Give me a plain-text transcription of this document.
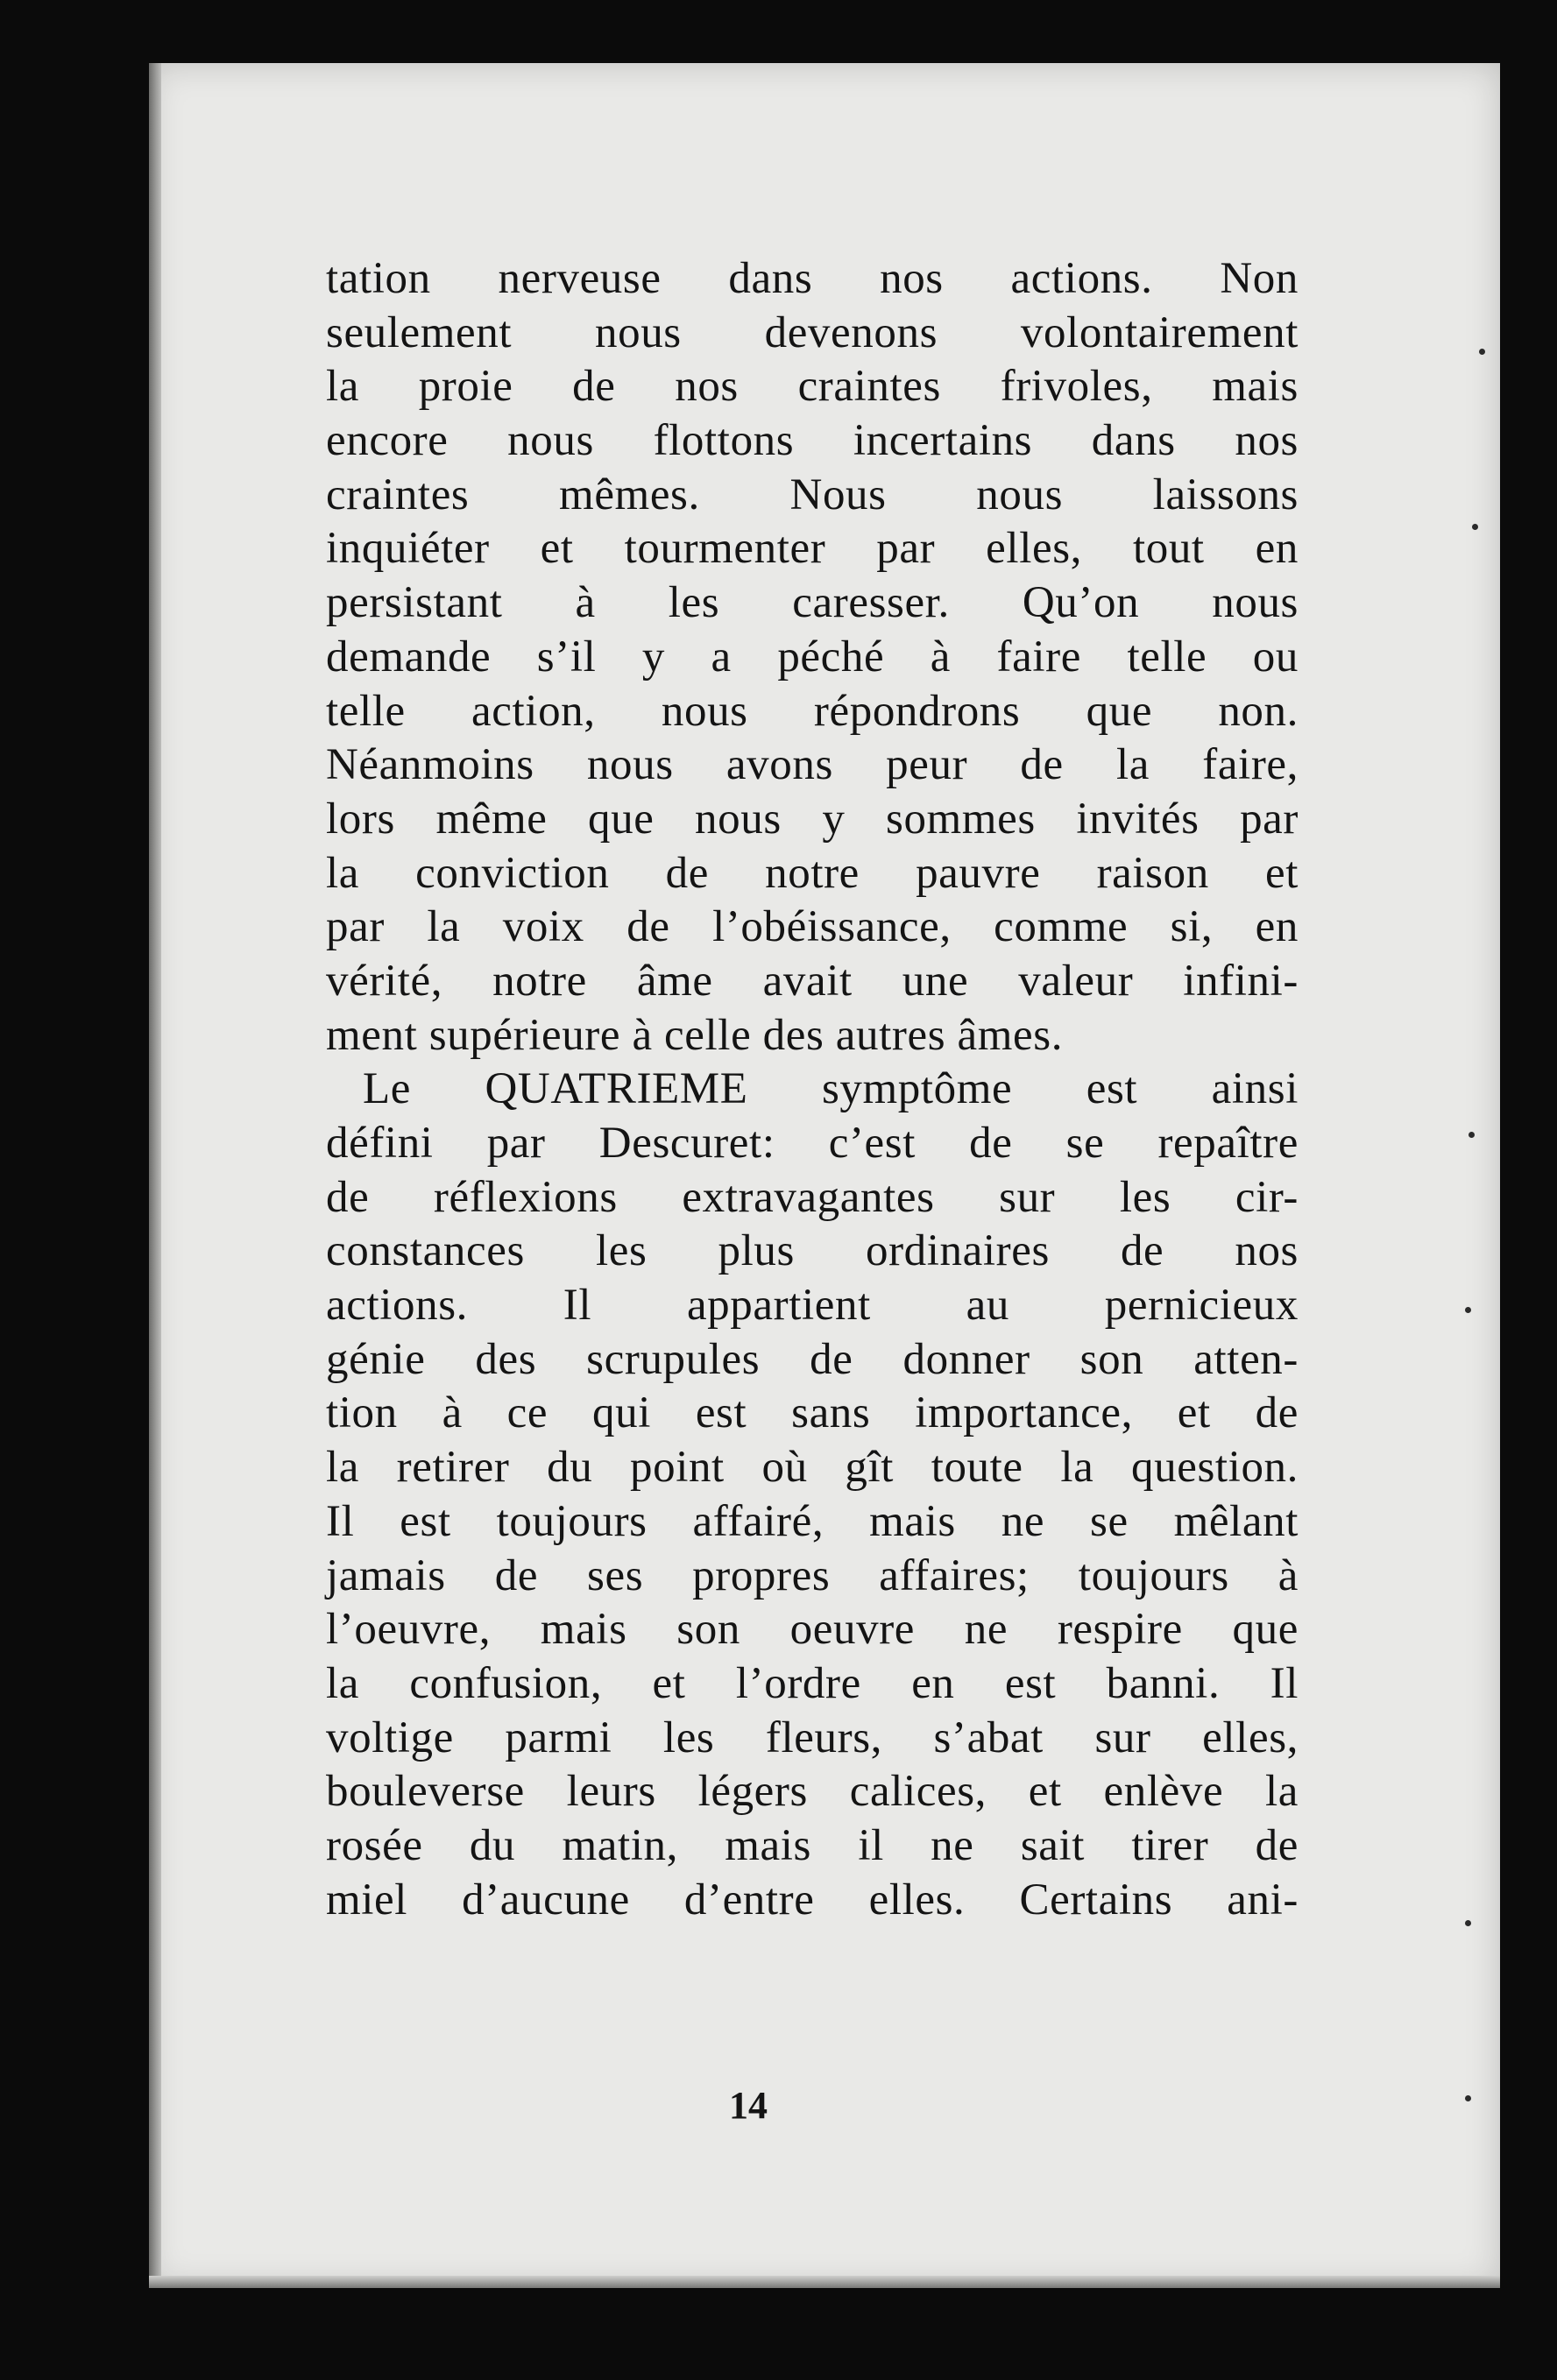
tation nerveuse dans nos actions. Non
seulement nous devenons volontairement
la proie de nos craintes frivoles, mais
encore nous flottons incertains dans nos
craintes mêmes. Nous nous laissons
inquiéter et tourmenter par elles, tout en
persistant à les caresser. Qu’on nous
demande s’il y a péché à faire telle ou
telle action, nous répondrons que non.
Néanmoins nous avons peur de la faire,
lors même que nous y sommes invités par
la conviction de notre pauvre raison et
par la voix de l’obéissance, comme si, en
vérité, notre âme avait une valeur infini-
ment supérieure à celle des autres âmes.
Le QUATRIEME symptôme est ainsi
défini par Descuret: c’est de se repaître
de réflexions extravagantes sur les cir-
constances les plus ordinaires de nos
actions. Il appartient au pernicieux
génie des scrupules de donner son atten-
tion à ce qui est sans importance, et de
la retirer du point où gît toute la question.
Il est toujours affairé, mais ne se mêlant
jamais de ses propres affaires; toujours à
l’oeuvre, mais son oeuvre ne respire que
la confusion, et l’ordre en est banni. Il
voltige parmi les fleurs, s’abat sur elles,
bouleverse leurs légers calices, et enlève la
rosée du matin, mais il ne sait tirer de
miel d’aucune d’entre elles. Certains ani-
14
